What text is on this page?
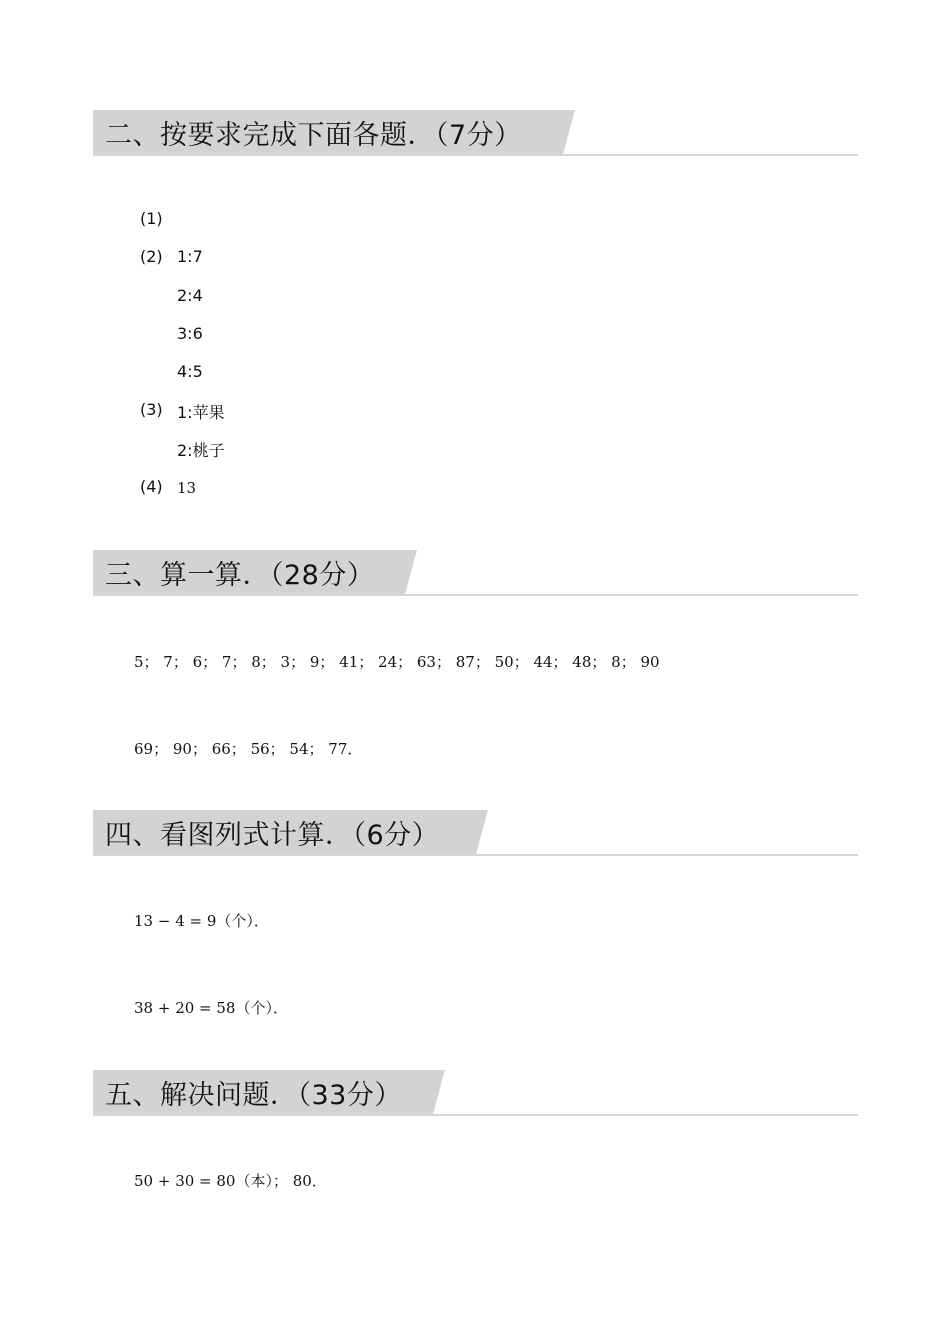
二、按要求完成下面各题．（7分）
(1)
(2) 1:7
2:4
3:6
4:5
(3) 1:苹果
2:桃子
(4) 13
三、算一算．（28分）
5； 7； 6； 7； 8； 3； 9； 41； 24； 63； 87； 50； 44； 48； 8； 90
69； 90； 66； 56； 54； 77．
四、看图列式计算．（6分）
13 − 4 = 9（个）．
38 + 20 = 58（个）．
五、解决问题．（33分）
50 + 30 = 80（本）； 80．
